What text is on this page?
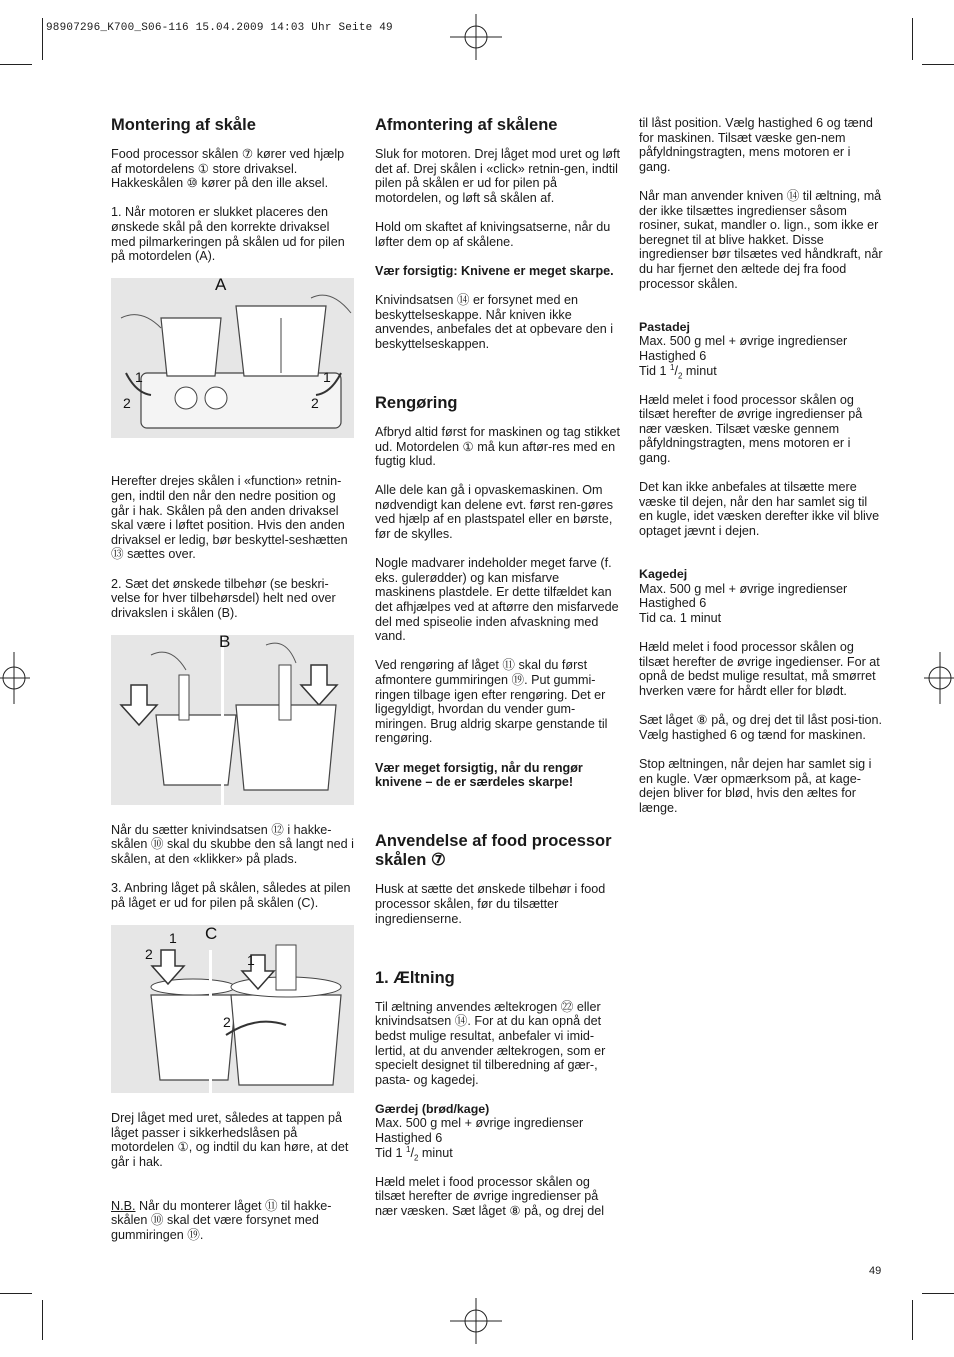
98907296_K700_S06-116 15.04.2009 14:03 Uhr Seite 49
Montering af skåle

Food processor skålen ⑦ kører ved hjælp af motordelens ① store drivaksel. Hakkeskålen ⑩ kører på den ille aksel.

1. Når motoren er slukket placeres den ønskede skål på den korrekte drivaksel med pilmarkeringen på skålen ud for pilen på motordelen (A).

A
1
2
1
2

Herefter drejes skålen i «function» retnin-gen, indtil den når den nedre position og går i hak. Skålen på den anden drivaksel skal være i løftet position. Hvis den anden drivaksel er ledig, bør beskyttel-seshætten ⑬ sættes over.

2. Sæt det ønskede tilbehør (se beskri-velse for hver tilbehørsdel) helt ned over drivakslen i skålen (B).

B

Når du sætter knivindsatsen ⑫ i hakke-skålen ⑩ skal du skubbe den så langt ned i skålen, at den «klikker» på plads.

3. Anbring låget på skålen, således at pilen på låget er ud for pilen på skålen (C).

C
1
2	1
2

Drej låget med uret, således at tappen på låget passer i sikkerhedslåsen på motordelen ①, og indtil du kan høre, at det går i hak.

N.B. Når du monterer låget ⑪ til hakke-skålen ⑩ skal det være forsynet med gummiringen ⑲.

Afmontering af skålene

Sluk for motoren. Drej låget mod uret og løft det af. Drej skålen i «click» retnin-gen, indtil pilen på skålen er ud for pilen på motordelen, og løft så skålen af.

Hold om skaftet af knivingsatserne, når du løfter dem op af skålene.

Vær forsigtig: Knivene er meget skarpe.

Knivindsatsen ⑭ er forsynet med en beskyttelseskappe. Når kniven ikke anvendes, anbefales det at opbevare den i beskyttelseskappen.

Rengøring

Afbryd altid først for maskinen og tag stikket ud. Motordelen ① må kun aftør-res med en fugtig klud.

Alle dele kan gå i opvaskemaskinen. Om nødvendigt kan delene evt. først ren-gøres ved hjælp af en plastspatel eller en børste, før de skylles.

Nogle madvarer indeholder meget farve (f. eks. gulerødder) og kan misfarve maskinens plastdele. Er dette tilfældet kan det afhjælpes ved at aftørre den misfarvede del med spiseolie inden afvaskning med vand.

Ved rengøring af låget ⑪ skal du først afmontere gummiringen ⑲. Put gummi-ringen tilbage igen efter rengøring. Det er ligegyldigt, hvordan du vender gum-miringen. Brug aldrig skarpe genstande til rengøring.

Vær meget forsigtig, når du rengør knivene – de er særdeles skarpe!

Anvendelse af food processor skålen ⑦

Husk at sætte det ønskede tilbehør i food processor skålen, før du tilsætter ingredienserne.

1. Æltning

Til æltning anvendes æltekrogen ㉒ eller knivindsatsen ⑭. For at du kan opnå det bedst mulige resultat, anbefaler vi imid-lertid, at du anvender æltekrogen, som er specielt designet til tilberedning af gær-, pasta- og kagedej.

Gærdej (brød/kage)
Max. 500 g mel + øvrige ingredienser
Hastighed 6
Tid 1 $^1/_2$ minut

Hæld melet i food processor skålen og tilsæt herefter de øvrige ingredienser på nær væsken. Sæt låget ⑧ på, og drej del

til låst position. Vælg hastighed 6 og tænd for maskinen. Tilsæt væske gen-nem påfyldningstragten, mens motoren er i gang.

Når man anvender kniven ⑭ til æltning, må der ikke tilsættes ingredienser såsom rosiner, sukat, mandler o. lign., som ikke er beregnet til at blive hakket. Disse ingredienser bør tilsætes ved håndkraft, når du har fjernet den æltede dej fra food processor skålen.

Pastadej
Max. 500 g mel + øvrige ingredienser
Hastighed 6
Tid 1 $^1/_2$ minut

Hæld melet i food processor skålen og tilsæt herefter de øvrige ingredienser på nær væsken. Tilsæt væske gennem påfyldningstragten, mens motoren er i gang.

Det kan ikke anbefales at tilsætte mere væske til dejen, når den har samlet sig til en kugle, idet væsken derefter ikke vil blive optaget jævnt i dejen.

Kagedej
Max. 500 g mel + øvrige ingredienser
Hastighed 6
Tid ca. 1 minut

Hæld melet i food processor skålen og tilsæt herefter de øvrige ingedienser. For at opnå de bedst mulige resultat, må smørret hverken være for hårdt eller for blødt.

Sæt låget ⑧ på, og drej det til låst posi-tion. Vælg hastighed 6 og tænd for maskinen.

Stop æltningen, når dejen har samlet sig i en kugle. Vær opmærksom på, at kage-dejen bliver for blød, hvis den æltes for længe.

49
